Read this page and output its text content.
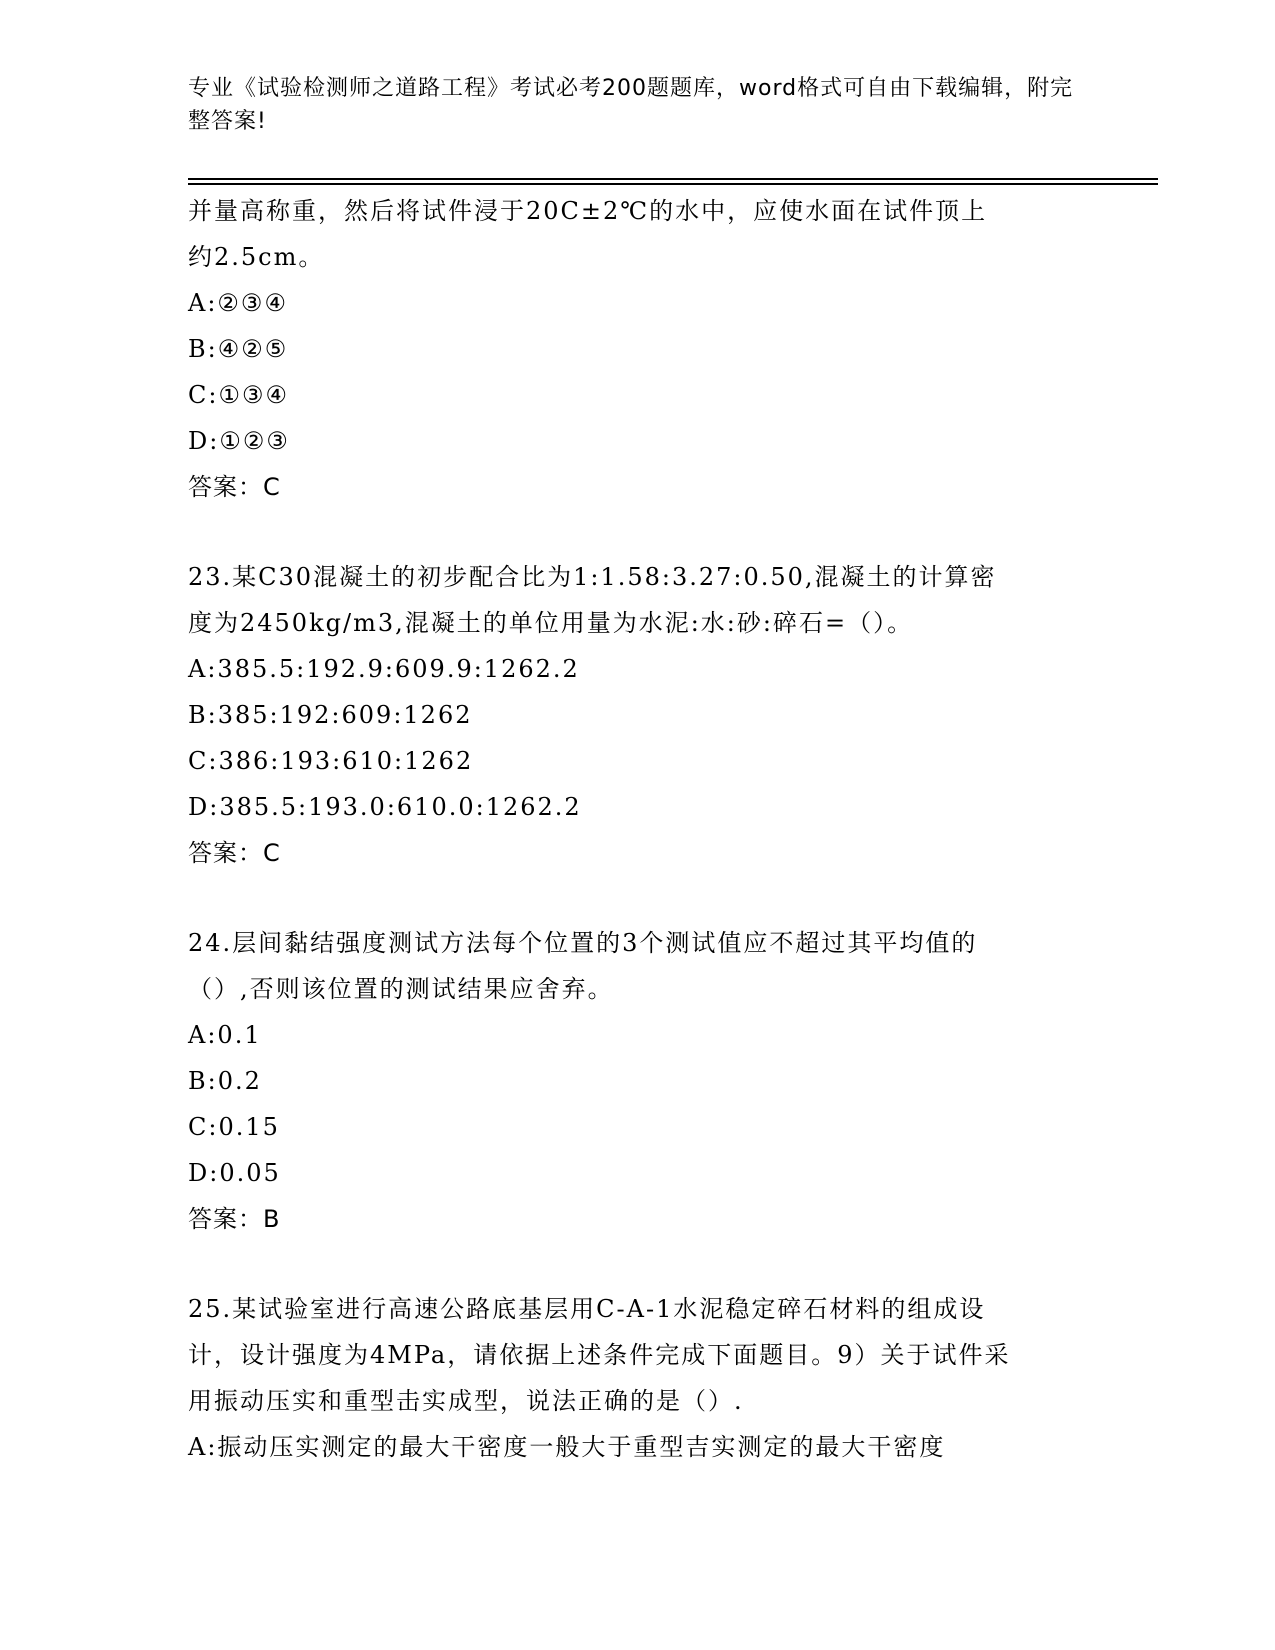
专业《试验检测师之道路工程》考试必考200题题库，word格式可自由下载编辑，附完整答案!
并量高称重，然后将试件浸于20C±2℃的水中，应使水面在试件顶上
约2.5cm。
A:②③④
B:④②⑤
C:①③④
D:①②③
答案：C
23.某C30混凝土的初步配合比为1:1.58:3.27:0.50,混凝土的计算密
度为2450kg/m3,混凝土的单位用量为水泥:水:砂:碎石=（）。
A:385.5:192.9:609.9:1262.2
B:385:192:609:1262
C:386:193:610:1262
D:385.5:193.0:610.0:1262.2
答案：C
24.层间黏结强度测试方法每个位置的3个测试值应不超过其平均值的
（）,否则该位置的测试结果应舍弃。
A:0.1
B:0.2
C:0.15
D:0.05
答案：B
25.某试验室进行高速公路底基层用C-A-1水泥稳定碎石材料的组成设
计，设计强度为4MPa，请依据上述条件完成下面题目。9）关于试件采
用振动压实和重型击实成型，说法正确的是（）.
A:振动压实测定的最大干密度一般大于重型吉实测定的最大干密度
